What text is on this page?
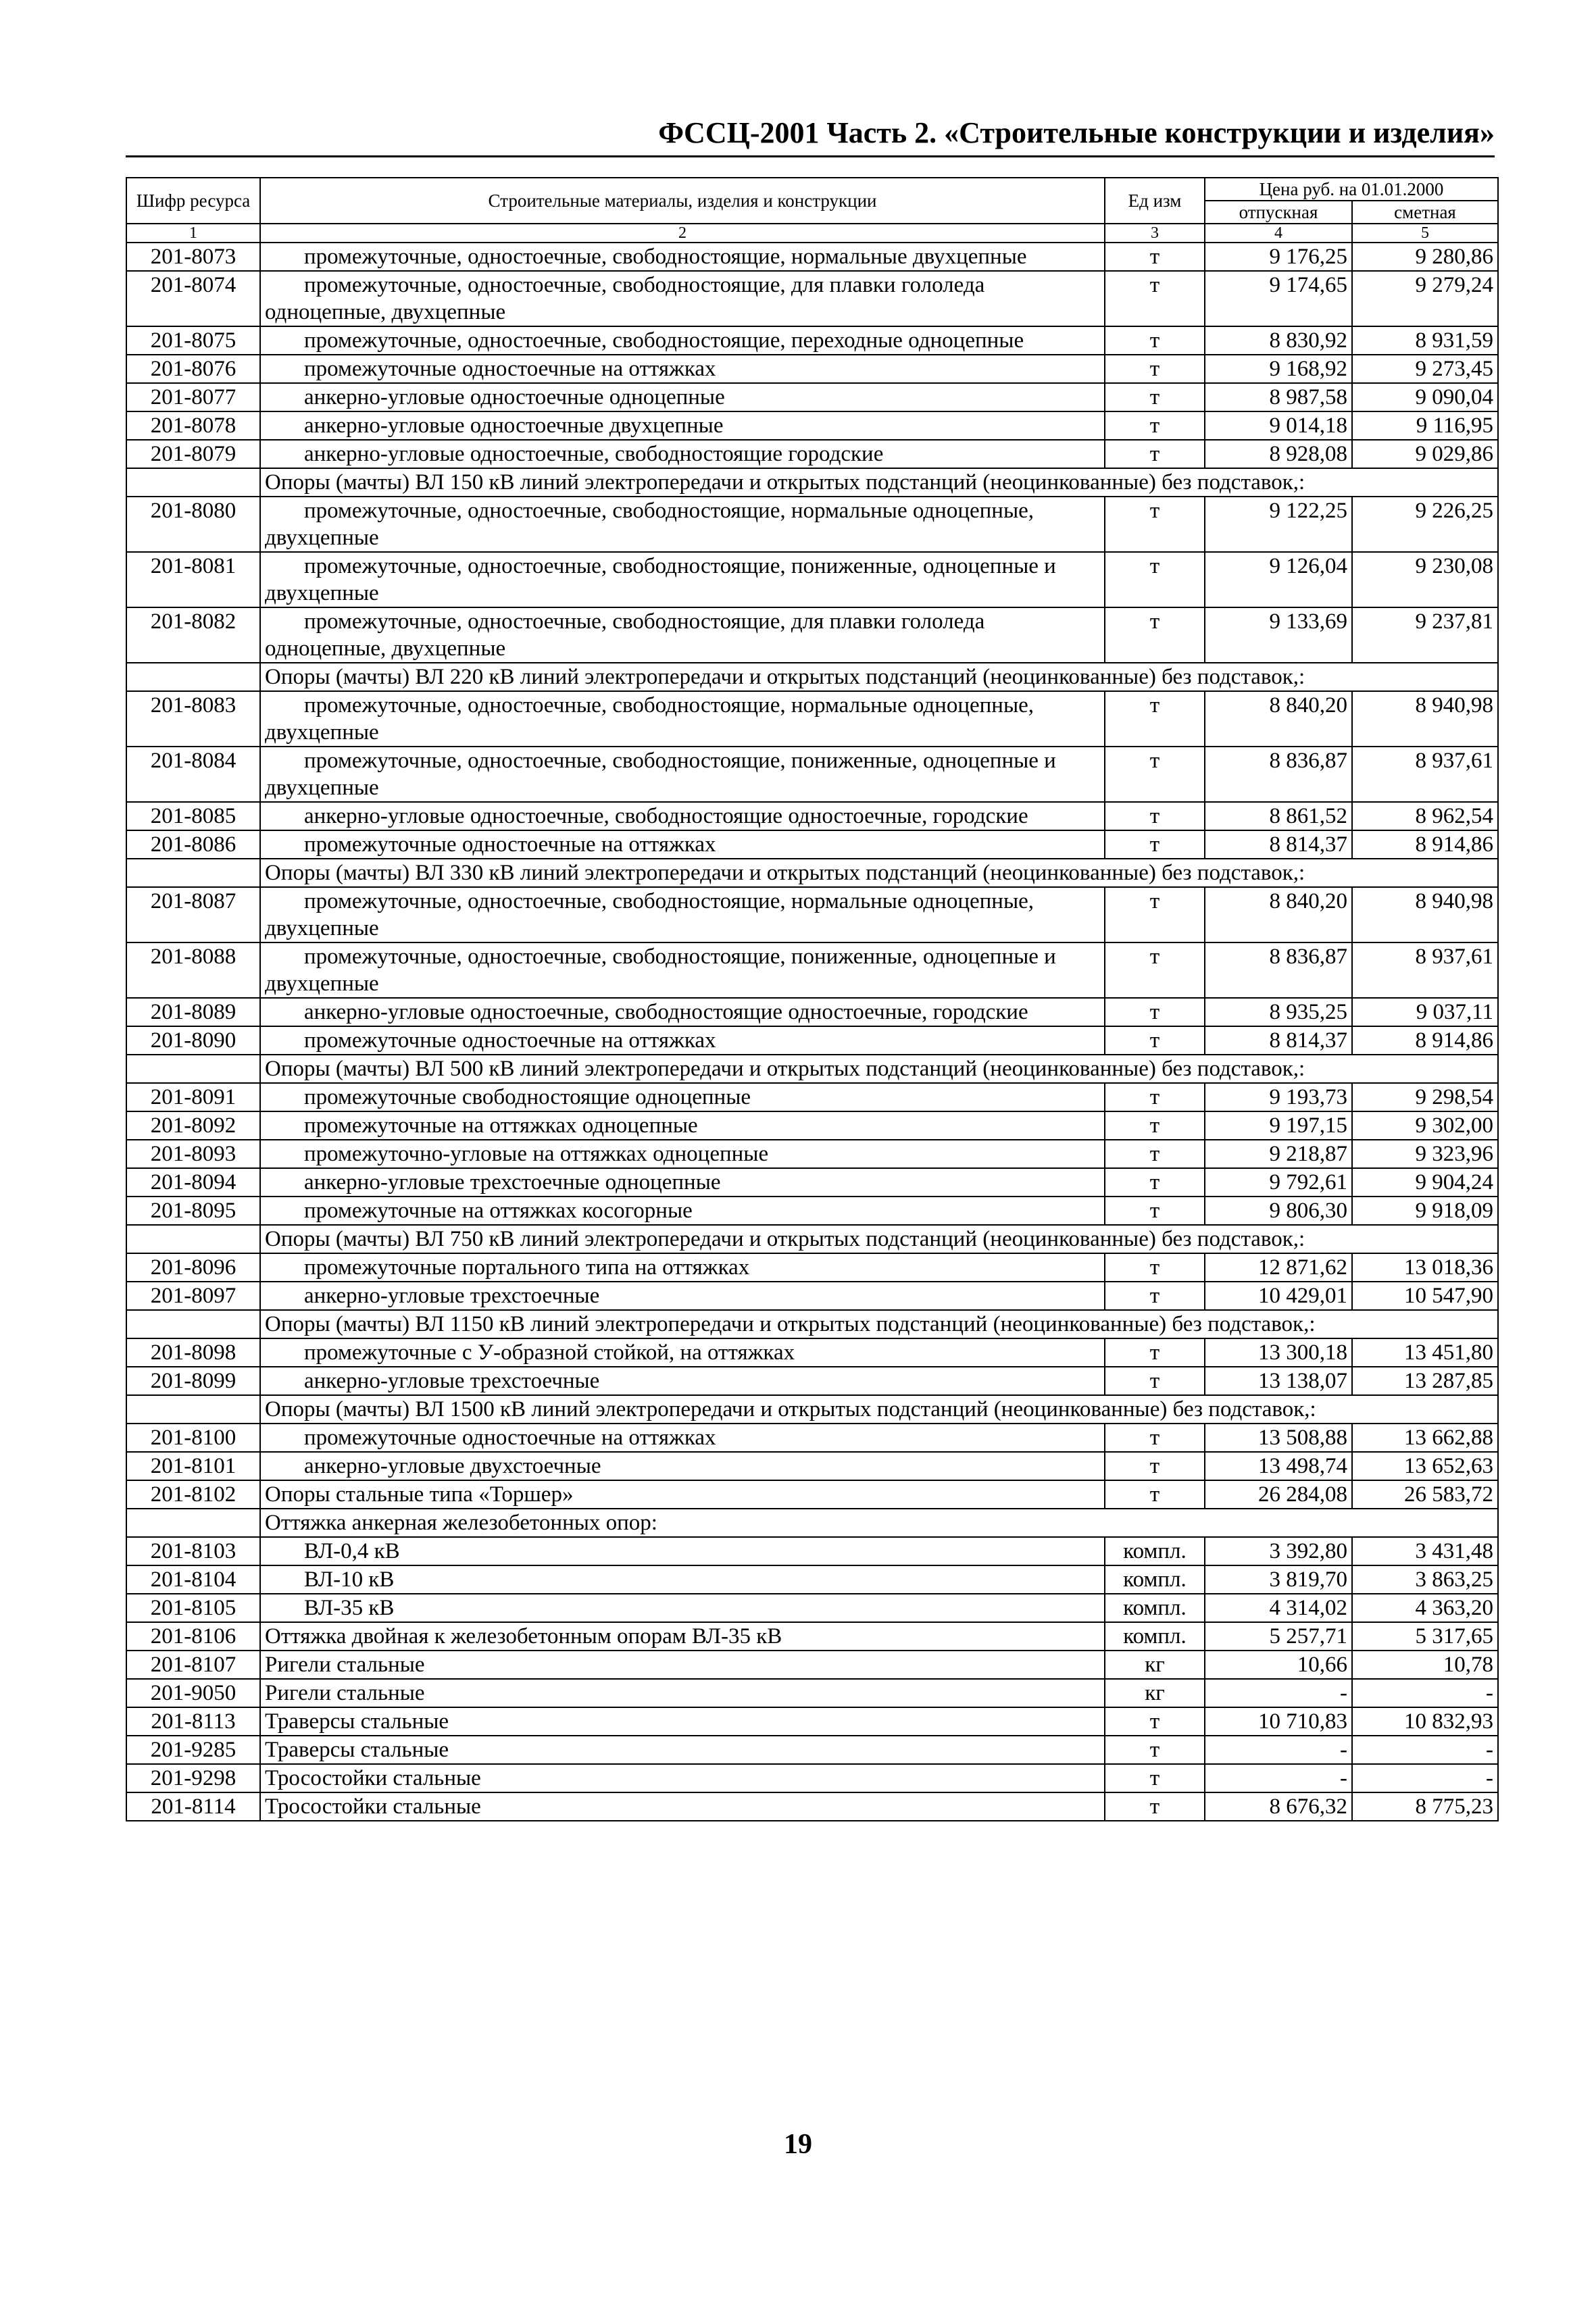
ФССЦ-2001 Часть 2. «Строительные конструкции и изделия»
Шифр ресурса	Строительные материалы, изделия и конструкции	Ед изм	Цена руб. на 01.01.2000	
			отпускная	сметная
1	2	3	4	5
201-8073	промежуточные, одностоечные, свободностоящие, нормальные двухцепные	т	9 176,25	9 280,86
201-8074	промежуточные, одностоечные, свободностоящие, для плавки гололеда одноцепные, двухцепные	т	9 174,65	9 279,24
201-8075	промежуточные, одностоечные, свободностоящие, переходные одноцепные	т	8 830,92	8 931,59
201-8076	промежуточные одностоечные на оттяжках	т	9 168,92	9 273,45
201-8077	анкерно-угловые одностоечные одноцепные	т	8 987,58	9 090,04
201-8078	анкерно-угловые одностоечные двухцепные	т	9 014,18	9 116,95
201-8079	анкерно-угловые одностоечные, свободностоящие городские	т	8 928,08	9 029,86
	Опоры (мачты) ВЛ 150 кВ линий электропередачи и открытых подстанций (неоцинкованные) без подставок,:			
201-8080	промежуточные, одностоечные, свободностоящие, нормальные одноцепные, двухцепные	т	9 122,25	9 226,25
201-8081	промежуточные, одностоечные, свободностоящие, пониженные, одноцепные и двухцепные	т	9 126,04	9 230,08
201-8082	промежуточные, одностоечные, свободностоящие, для плавки гололеда одноцепные, двухцепные	т	9 133,69	9 237,81
	Опоры (мачты) ВЛ 220 кВ линий электропередачи и открытых подстанций (неоцинкованные) без подставок,:			
201-8083	промежуточные, одностоечные, свободностоящие, нормальные одноцепные, двухцепные	т	8 840,20	8 940,98
201-8084	промежуточные, одностоечные, свободностоящие, пониженные, одноцепные и двухцепные	т	8 836,87	8 937,61
201-8085	анкерно-угловые одностоечные, свободностоящие одностоечные, городские	т	8 861,52	8 962,54
201-8086	промежуточные одностоечные на оттяжках	т	8 814,37	8 914,86
	Опоры (мачты) ВЛ 330 кВ линий электропередачи и открытых подстанций (неоцинкованные) без подставок,:			
201-8087	промежуточные, одностоечные, свободностоящие, нормальные одноцепные, двухцепные	т	8 840,20	8 940,98
201-8088	промежуточные, одностоечные, свободностоящие, пониженные, одноцепные и двухцепные	т	8 836,87	8 937,61
201-8089	анкерно-угловые одностоечные, свободностоящие одностоечные, городские	т	8 935,25	9 037,11
201-8090	промежуточные одностоечные на оттяжках	т	8 814,37	8 914,86
	Опоры (мачты) ВЛ 500 кВ линий электропередачи и открытых подстанций (неоцинкованные) без подставок,:			
201-8091	промежуточные свободностоящие одноцепные	т	9 193,73	9 298,54
201-8092	промежуточные на оттяжках одноцепные	т	9 197,15	9 302,00
201-8093	промежуточно-угловые на оттяжках одноцепные	т	9 218,87	9 323,96
201-8094	анкерно-угловые трехстоечные одноцепные	т	9 792,61	9 904,24
201-8095	промежуточные на оттяжках косогорные	т	9 806,30	9 918,09
	Опоры (мачты) ВЛ 750 кВ линий электропередачи и открытых подстанций (неоцинкованные) без подставок,:			
201-8096	промежуточные портального типа на оттяжках	т	12 871,62	13 018,36
201-8097	анкерно-угловые трехстоечные	т	10 429,01	10 547,90
	Опоры (мачты) ВЛ 1150 кВ линий электропередачи и открытых подстанций (неоцинкованные) без подставок,:			
201-8098	промежуточные с У-образной стойкой, на оттяжках	т	13 300,18	13 451,80
201-8099	анкерно-угловые трехстоечные	т	13 138,07	13 287,85
	Опоры (мачты) ВЛ 1500 кВ линий электропередачи и открытых подстанций (неоцинкованные) без подставок,:			
201-8100	промежуточные одностоечные на оттяжках	т	13 508,88	13 662,88
201-8101	анкерно-угловые двухстоечные	т	13 498,74	13 652,63
201-8102	Опоры стальные типа «Торшер»	т	26 284,08	26 583,72
	Оттяжка анкерная железобетонных опор:			
201-8103	ВЛ-0,4 кВ	компл.	3 392,80	3 431,48
201-8104	ВЛ-10 кВ	компл.	3 819,70	3 863,25
201-8105	ВЛ-35 кВ	компл.	4 314,02	4 363,20
201-8106	Оттяжка двойная к железобетонным опорам ВЛ-35 кВ	компл.	5 257,71	5 317,65
201-8107	Ригели стальные	кг	10,66	10,78
201-9050	Ригели стальные	кг	-	-
201-8113	Траверсы стальные	т	10 710,83	10 832,93
201-9285	Траверсы стальные	т	-	-
201-9298	Тросостойки стальные	т	-	-
201-8114	Тросостойки стальные	т	8 676,32	8 775,23
19
